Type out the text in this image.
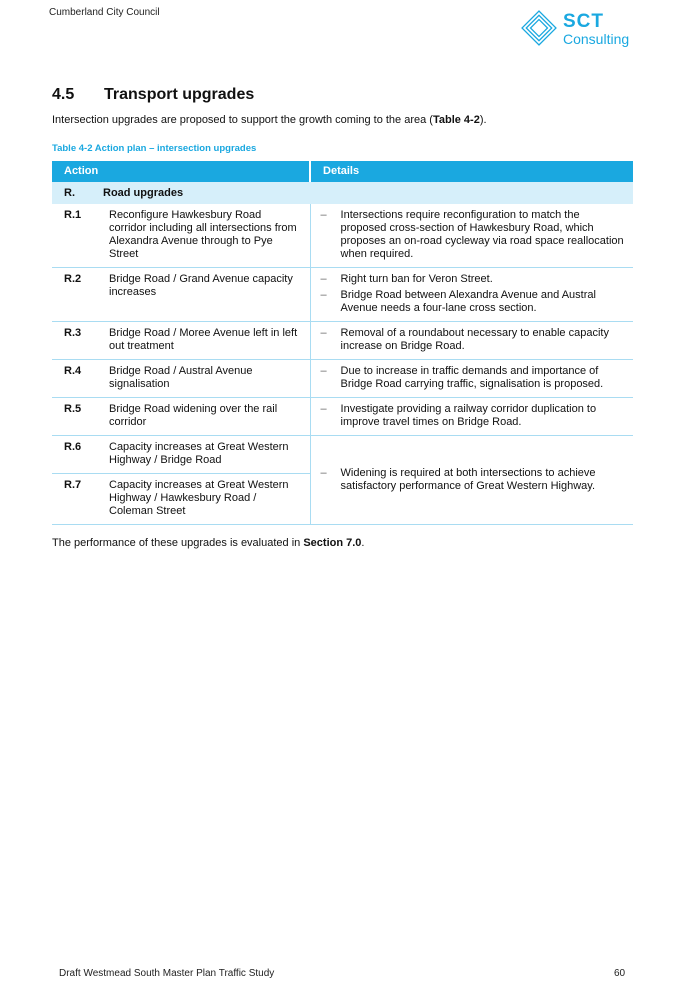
Cumberland City Council	SCT
Consulting
4.5 Transport upgrades
Intersection upgrades are proposed to support the growth coming to the area (Table 4-2).
Table 4-2 Action plan – intersection upgrades
Action		Details
R.	Road upgrades	
R.1	Reconfigure Hawkesbury Road corridor including all intersections from Alexandra Avenue through to Pye Street	– Intersections require reconfiguration to match the proposed cross-section of Hawkesbury Road, which proposes an on-road cycleway via road space reallocation when required.

R.2	Bridge Road / Grand Avenue capacity increases	– Right turn ban for Veron Street.
– Bridge Road between Alexandra Avenue and Austral Avenue needs a four-lane cross section.

R.3	Bridge Road / Moree Avenue left in left out treatment	– Removal of a roundabout necessary to enable capacity increase on Bridge Road.

R.4	Bridge Road / Austral Avenue signalisation	– Due to increase in traffic demands and importance of Bridge Road carrying traffic, signalisation is proposed.

R.5	Bridge Road widening over the rail corridor	– Investigate providing a railway corridor duplication to improve travel times on Bridge Road.

R.6	Capacity increases at Great Western Highway / Bridge Road	– Widening is required at both intersections to achieve satisfactory performance of Great Western Highway.

R.7	Capacity increases at Great Western Highway / Hawkesbury Road / Coleman Street	
The performance of these upgrades is evaluated in Section 7.0.
Draft Westmead South Master Plan Traffic Study	60
